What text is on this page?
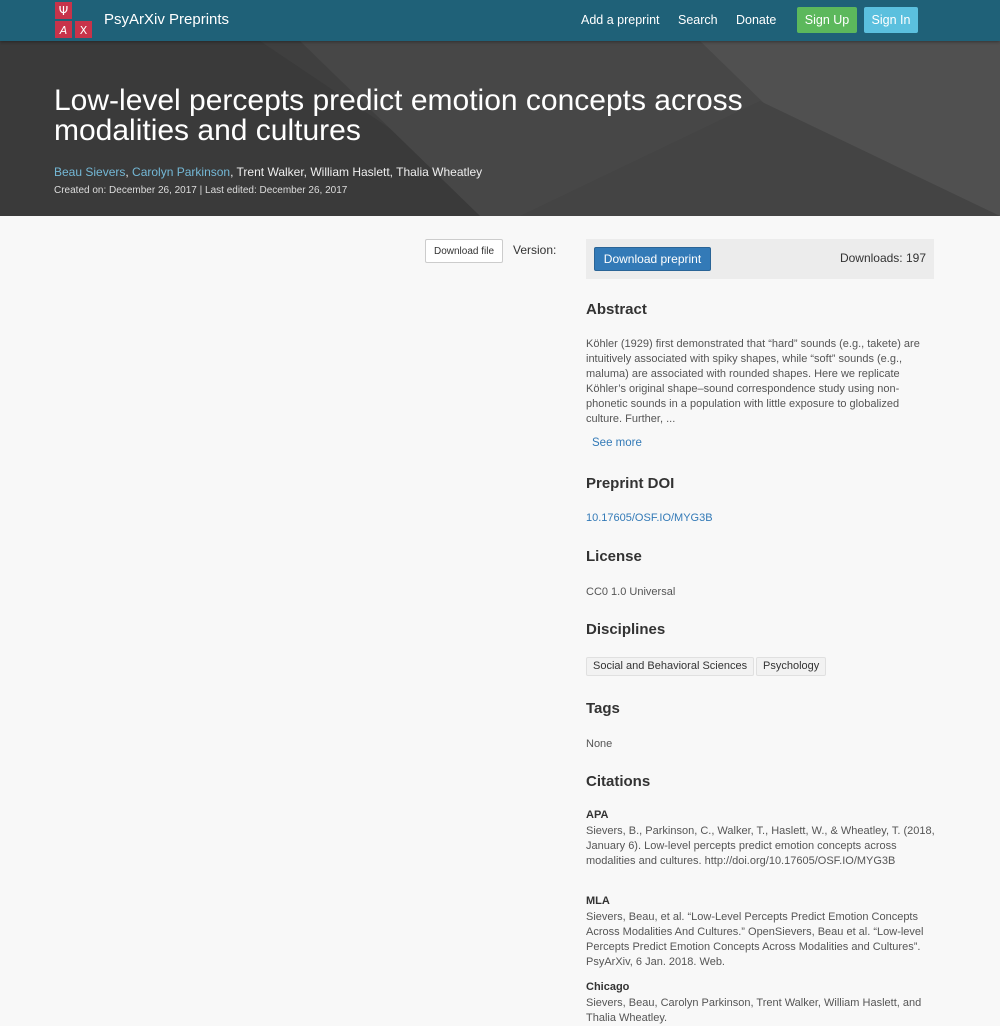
Ψ
A X
PsyArXiv Preprints	Add a preprint Search Donate	Sign Up	Sign In
Low-level percepts predict emotion concepts across modalities and cultures
Beau Sievers, Carolyn Parkinson, Trent Walker, William Haslett, Thalia Wheatley
Created on: December 26, 2017 | Last edited: December 26, 2017
Download file	Version:
Download preprint	Downloads: 197
Abstract
Köhler (1929) first demonstrated that “hard” sounds (e.g., takete) are intuitively associated with spiky shapes, while “soft” sounds (e.g., maluma) are associated with rounded shapes. Here we replicate Köhler’s original shape–sound correspondence study using non-phonetic sounds in a population with little exposure to globalized culture. Further, ...
See more
Preprint DOI
10.17605/OSF.IO/MYG3B
License
CC0 1.0 Universal
Disciplines
Social and Behavioral Sciences	Psychology
Tags
None
Citations
APA
Sievers, B., Parkinson, C., Walker, T., Haslett, W., & Wheatley, T. (2018, January 6). Low-level percepts predict emotion concepts across modalities and cultures. http://doi.org/10.17605/OSF.IO/MYG3B
MLA
Sievers, Beau, et al. “Low-Level Percepts Predict Emotion Concepts Across Modalities And Cultures.” OpenSievers, Beau et al. “Low-level Percepts Predict Emotion Concepts Across Modalities and Cultures”. PsyArXiv, 6 Jan. 2018. Web.
Chicago
Sievers, Beau, Carolyn Parkinson, Trent Walker, William Haslett, and Thalia Wheatley.
